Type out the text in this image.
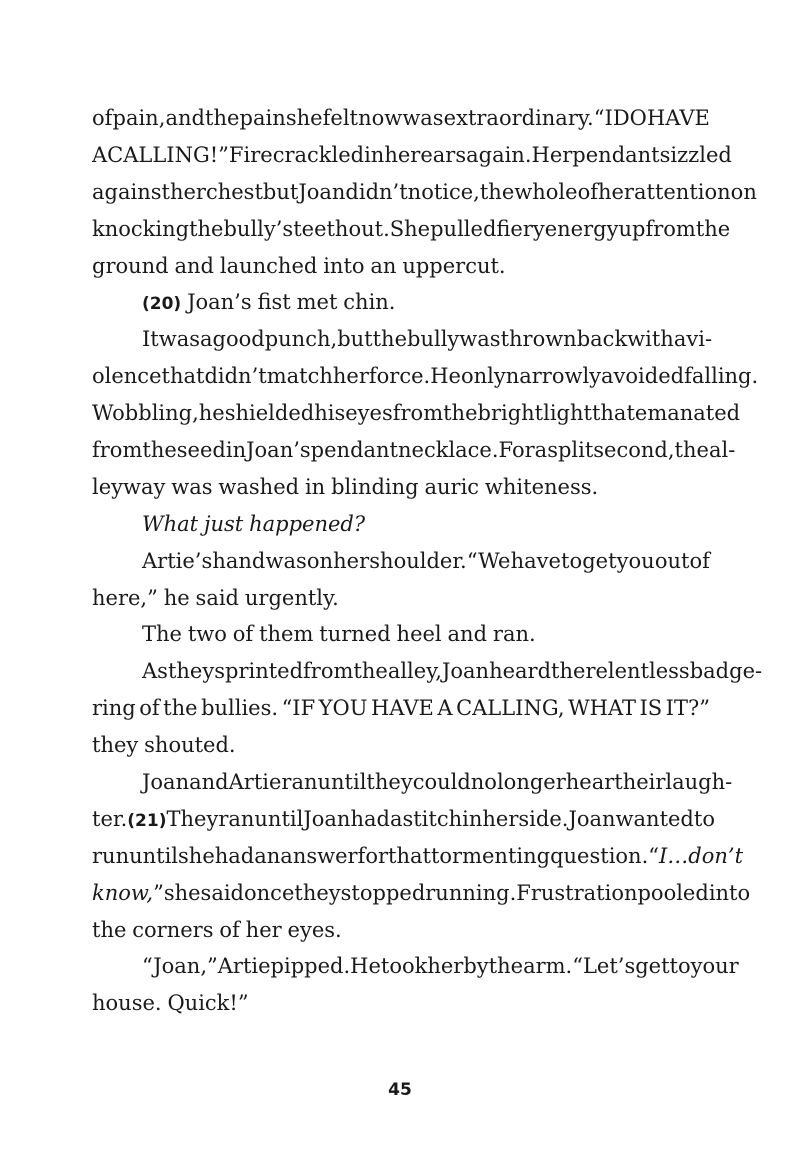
of pain, and the pain she felt now was extraordinary. “I DO HAVE
A CALLING!” Fire crackled in her ears again. Her pendant sizzled
against her chest but Joan didn’t notice, the whole of her attention on
knocking the bully’s teeth out. She pulled fiery energy up from the
ground and launched into an uppercut.
(20) Joan’s fist met chin.
It was a good punch, but the bully was thrown back with a vi-
olence that didn’t match her force. He only narrowly avoided falling.
Wobbling, he shielded his eyes from the bright light that emanated
from the seed in Joan’s pendant necklace. For a split second, the al-
leyway was washed in blinding auric whiteness.
What just happened?
Artie’s hand was on her shoulder. “We have to get you out of
here,” he said urgently.
The two of them turned heel and ran.
As they sprinted from the alley, Joan heard the relentless badge-
ring of the bullies. “IF YOU HAVE A CALLING, WHAT IS IT?”
they shouted.
Joan and Artie ran until they could no longer hear their laugh-
ter. (21) They ran until Joan had a stitch in her side. Joan wanted to
run until she had an answer for that tormenting question. “ I…don’t
know,” she said once they stopped running. Frustration pooled into
the corners of her eyes.
“Joan,” Artie pipped. He took her by the arm. “Let’s get to your
house. Quick!”
45
